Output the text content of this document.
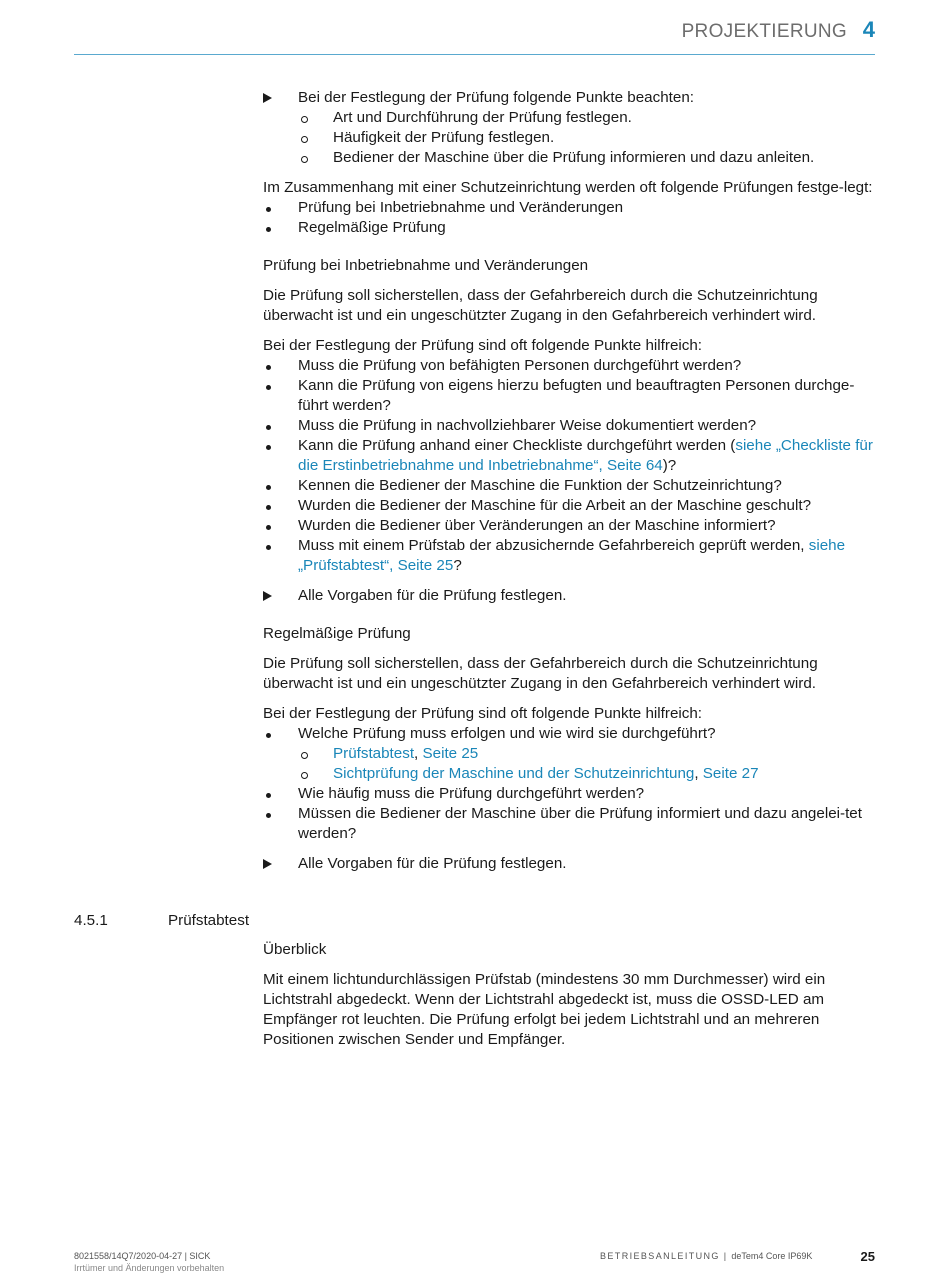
PROJEKTIERUNG 4
Bei der Festlegung der Prüfung folgende Punkte beachten:
Art und Durchführung der Prüfung festlegen.
Häufigkeit der Prüfung festlegen.
Bediener der Maschine über die Prüfung informieren und dazu anleiten.
Im Zusammenhang mit einer Schutzeinrichtung werden oft folgende Prüfungen festge-legt:
Prüfung bei Inbetriebnahme und Veränderungen
Regelmäßige Prüfung
Prüfung bei Inbetriebnahme und Veränderungen
Die Prüfung soll sicherstellen, dass der Gefahrbereich durch die Schutzeinrichtung überwacht ist und ein ungeschützter Zugang in den Gefahrbereich verhindert wird.
Bei der Festlegung der Prüfung sind oft folgende Punkte hilfreich:
Muss die Prüfung von befähigten Personen durchgeführt werden?
Kann die Prüfung von eigens hierzu befugten und beauftragten Personen durchge-führt werden?
Muss die Prüfung in nachvollziehbarer Weise dokumentiert werden?
Kann die Prüfung anhand einer Checkliste durchgeführt werden (siehe „Checkliste für die Erstinbetriebnahme und Inbetriebnahme“, Seite 64)?
Kennen die Bediener der Maschine die Funktion der Schutzeinrichtung?
Wurden die Bediener der Maschine für die Arbeit an der Maschine geschult?
Wurden die Bediener über Veränderungen an der Maschine informiert?
Muss mit einem Prüfstab der abzusichernde Gefahrbereich geprüft werden, siehe „Prüfstabtest“, Seite 25?
Alle Vorgaben für die Prüfung festlegen.
Regelmäßige Prüfung
Die Prüfung soll sicherstellen, dass der Gefahrbereich durch die Schutzeinrichtung überwacht ist und ein ungeschützter Zugang in den Gefahrbereich verhindert wird.
Bei der Festlegung der Prüfung sind oft folgende Punkte hilfreich:
Welche Prüfung muss erfolgen und wie wird sie durchgeführt?
Prüfstabtest, Seite 25
Sichtprüfung der Maschine und der Schutzeinrichtung, Seite 27
Wie häufig muss die Prüfung durchgeführt werden?
Müssen die Bediener der Maschine über die Prüfung informiert und dazu angelei-tet werden?
Alle Vorgaben für die Prüfung festlegen.
4.5.1	Prüfstabtest
Überblick
Mit einem lichtundurchlässigen Prüfstab (mindestens 30 mm Durchmesser) wird ein Lichtstrahl abgedeckt. Wenn der Lichtstrahl abgedeckt ist, muss die OSSD-LED am Empfänger rot leuchten. Die Prüfung erfolgt bei jedem Lichtstrahl und an mehreren Positionen zwischen Sender und Empfänger.
8021558/14Q7/2020-04-27 | SICK
Irrtümer und Änderungen vorbehalten
BETRIEBSANLEITUNG | deTem4 Core IP69K	25
